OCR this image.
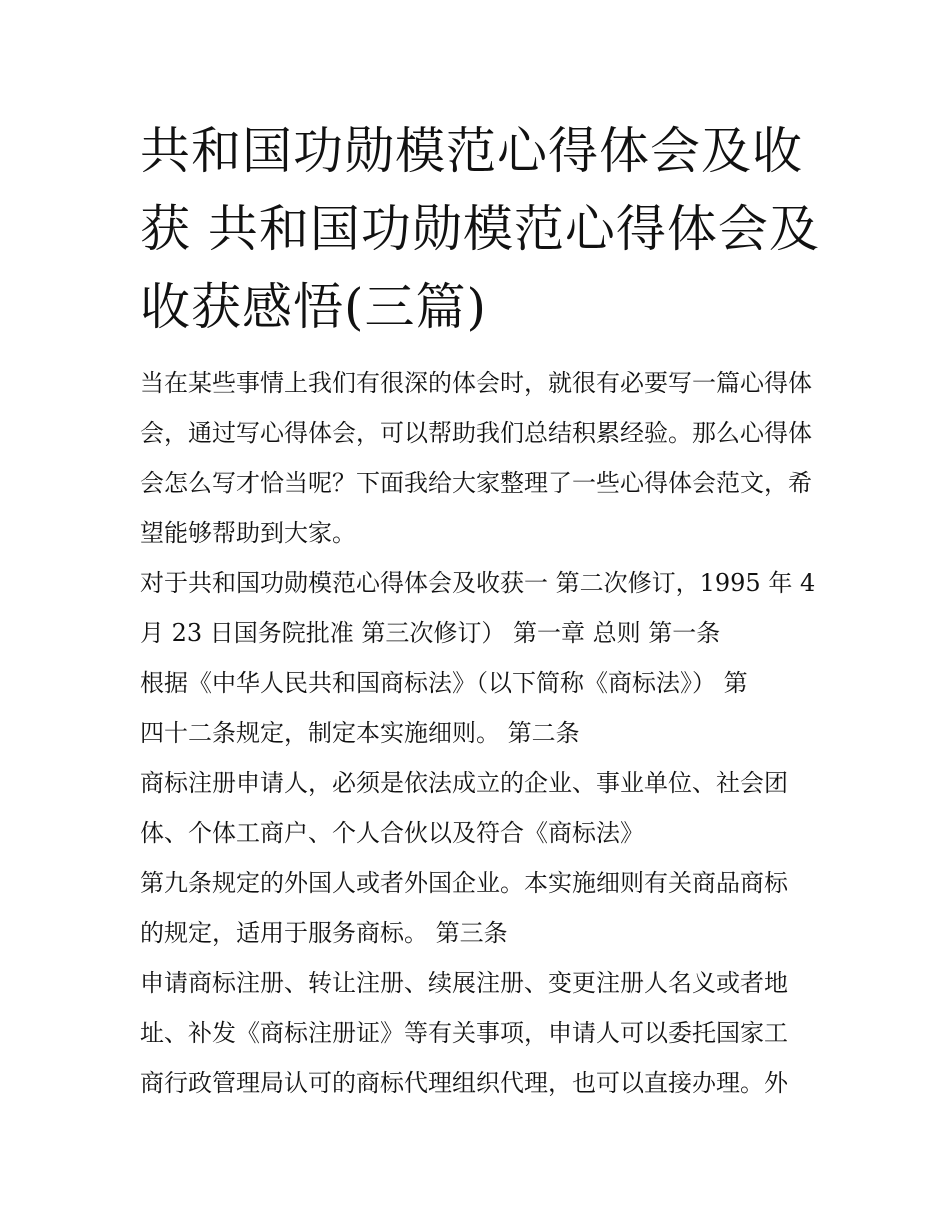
共和国功勋模范心得体会及收获 共和国功勋模范心得体会及收获感悟(三篇)

当在某些事情上我们有很深的体会时，就很有必要写一篇心得体会，通过写心得体会，可以帮助我们总结积累经验。那么心得体会怎么写才恰当呢？下面我给大家整理了一些心得体会范文，希望能够帮助到大家。

对于共和国功勋模范心得体会及收获一 第二次修订，1995 年 4
月 23 日国务院批准 第三次修订） 第一章 总则 第一条
根据《中华人民共和国商标法》（以下简称《商标法》） 第
四十二条规定，制定本实施细则。 第二条
商标注册申请人，必须是依法成立的企业、事业单位、社会团
体、个体工商户、个人合伙以及符合《商标法》
第九条规定的外国人或者外国企业。本实施细则有关商品商标
的规定，适用于服务商标。 第三条
申请商标注册、转让注册、续展注册、变更注册人名义或者地
址、补发《商标注册证》等有关事项，申请人可以委托国家工
商行政管理局认可的商标代理组织代理，也可以直接办理。外
